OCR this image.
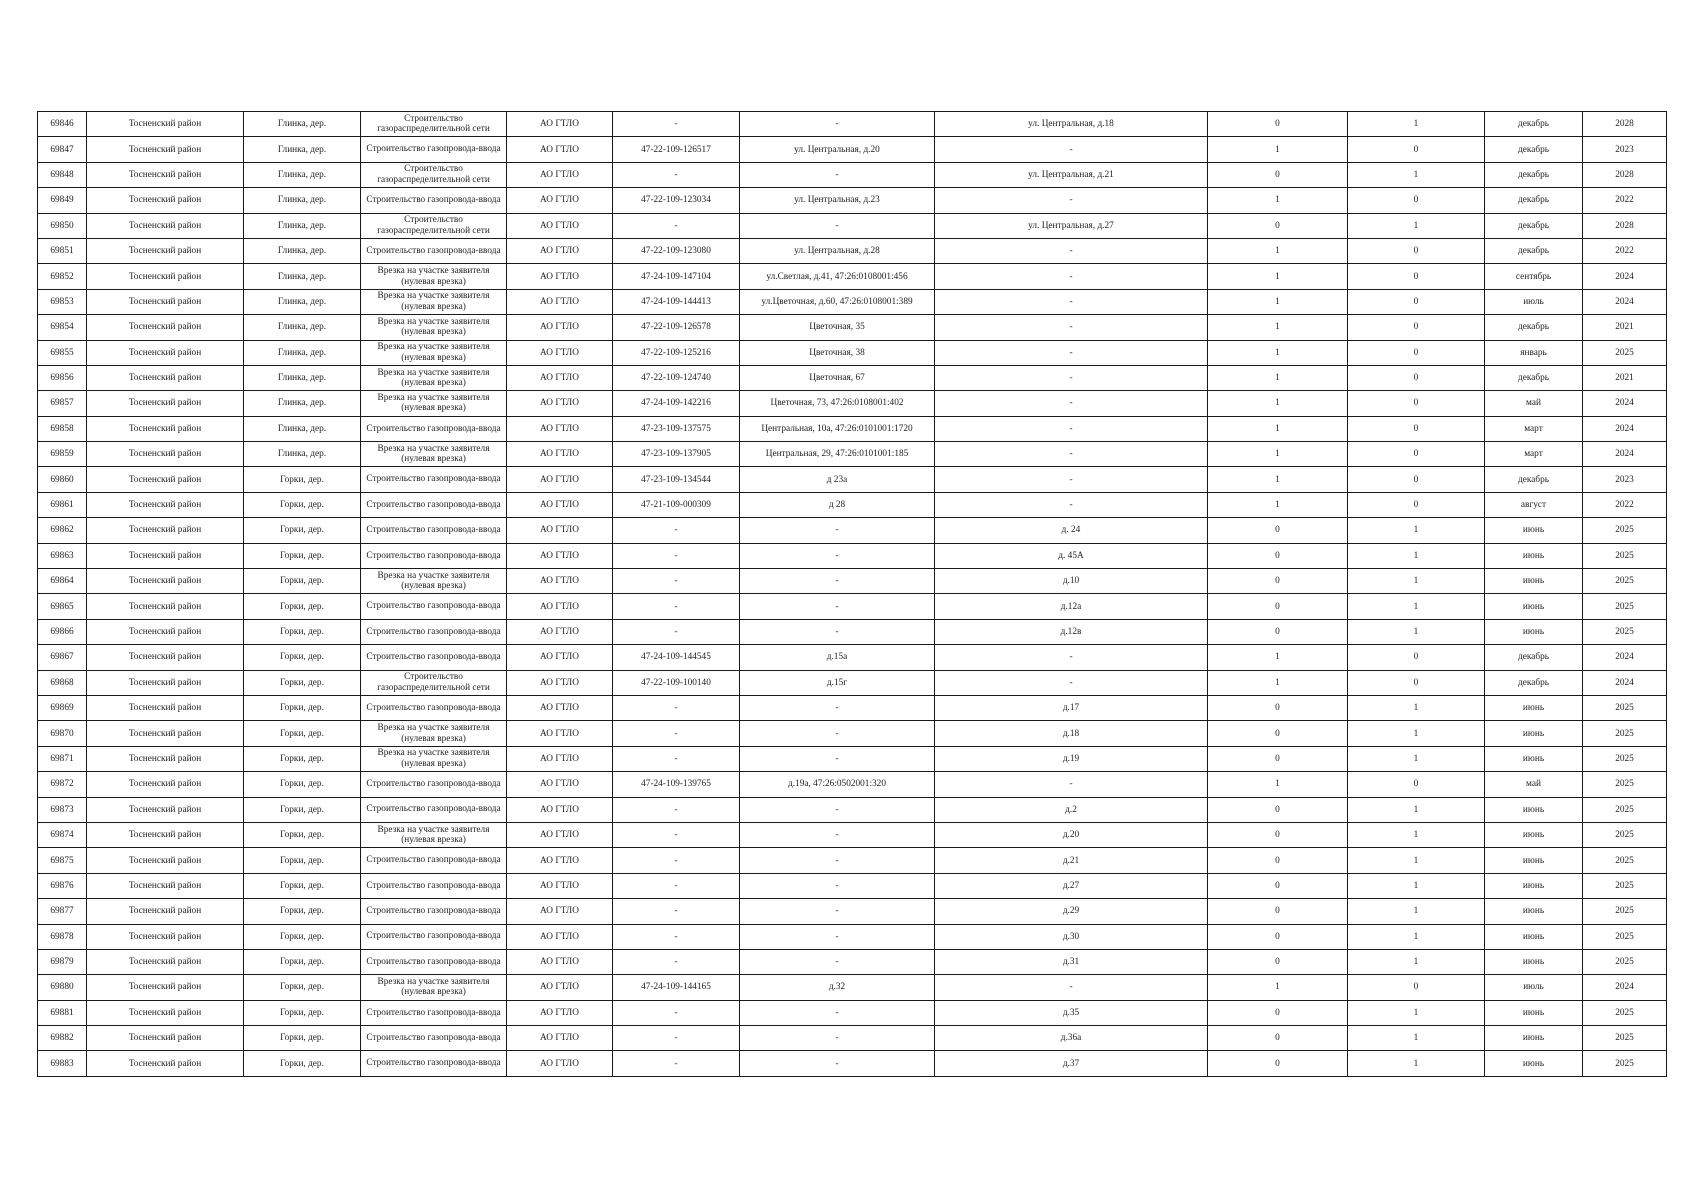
69846	Тосненский район	Глинка, дер.	Строительство газораспределительной сети	АО ГТЛО	-	-	ул. Центральная, д.18	0	1	декабрь	2028
69847	Тосненский район	Глинка, дер.	Строительство газопровода-ввода	АО ГТЛО	47-22-109-126517	ул. Центральная, д.20	-	1	0	декабрь	2023
69848	Тосненский район	Глинка, дер.	Строительство газораспределительной сети	АО ГТЛО	-	-	ул. Центральная, д.21	0	1	декабрь	2028
69849	Тосненский район	Глинка, дер.	Строительство газопровода-ввода	АО ГТЛО	47-22-109-123034	ул. Центральная, д.23	-	1	0	декабрь	2022
69850	Тосненский район	Глинка, дер.	Строительство газораспределительной сети	АО ГТЛО	-	-	ул. Центральная, д.27	0	1	декабрь	2028
69851	Тосненский район	Глинка, дер.	Строительство газопровода-ввода	АО ГТЛО	47-22-109-123080	ул. Центральная, д.28	-	1	0	декабрь	2022
69852	Тосненский район	Глинка, дер.	Врезка на участке заявителя (нулевая врезка)	АО ГТЛО	47-24-109-147104	ул.Светлая, д.41, 47:26:0108001:456	-	1	0	сентябрь	2024
69853	Тосненский район	Глинка, дер.	Врезка на участке заявителя (нулевая врезка)	АО ГТЛО	47-24-109-144413	ул.Цветочная, д.60, 47:26:0108001:389	-	1	0	июль	2024
69854	Тосненский район	Глинка, дер.	Врезка на участке заявителя (нулевая врезка)	АО ГТЛО	47-22-109-126578	Цветочная, 35	-	1	0	декабрь	2021
69855	Тосненский район	Глинка, дер.	Врезка на участке заявителя (нулевая врезка)	АО ГТЛО	47-22-109-125216	Цветочная, 38	-	1	0	январь	2025
69856	Тосненский район	Глинка, дер.	Врезка на участке заявителя (нулевая врезка)	АО ГТЛО	47-22-109-124740	Цветочная, 67	-	1	0	декабрь	2021
69857	Тосненский район	Глинка, дер.	Врезка на участке заявителя (нулевая врезка)	АО ГТЛО	47-24-109-142216	Цветочная, 73, 47:26:0108001:402	-	1	0	май	2024
69858	Тосненский район	Глинка, дер.	Строительство газопровода-ввода	АО ГТЛО	47-23-109-137575	Центральная, 10а, 47:26:0101001:1720	-	1	0	март	2024
69859	Тосненский район	Глинка, дер.	Врезка на участке заявителя (нулевая врезка)	АО ГТЛО	47-23-109-137905	Центральная, 29, 47:26:0101001:185	-	1	0	март	2024
69860	Тосненский район	Горки, дер.	Строительство газопровода-ввода	АО ГТЛО	47-23-109-134544	д 23а	-	1	0	декабрь	2023
69861	Тосненский район	Горки, дер.	Строительство газопровода-ввода	АО ГТЛО	47-21-109-000309	д 28	-	1	0	август	2022
69862	Тосненский район	Горки, дер.	Строительство газопровода-ввода	АО ГТЛО	-	-	д. 24	0	1	июнь	2025
69863	Тосненский район	Горки, дер.	Строительство газопровода-ввода	АО ГТЛО	-	-	д. 45А	0	1	июнь	2025
69864	Тосненский район	Горки, дер.	Врезка на участке заявителя (нулевая врезка)	АО ГТЛО	-	-	д.10	0	1	июнь	2025
69865	Тосненский район	Горки, дер.	Строительство газопровода-ввода	АО ГТЛО	-	-	д.12а	0	1	июнь	2025
69866	Тосненский район	Горки, дер.	Строительство газопровода-ввода	АО ГТЛО	-	-	д.12в	0	1	июнь	2025
69867	Тосненский район	Горки, дер.	Строительство газопровода-ввода	АО ГТЛО	47-24-109-144545	д.15а	-	1	0	декабрь	2024
69868	Тосненский район	Горки, дер.	Строительство газораспределительной сети	АО ГТЛО	47-22-109-100140	д.15г	-	1	0	декабрь	2024
69869	Тосненский район	Горки, дер.	Строительство газопровода-ввода	АО ГТЛО	-	-	д.17	0	1	июнь	2025
69870	Тосненский район	Горки, дер.	Врезка на участке заявителя (нулевая врезка)	АО ГТЛО	-	-	д.18	0	1	июнь	2025
69871	Тосненский район	Горки, дер.	Врезка на участке заявителя (нулевая врезка)	АО ГТЛО	-	-	д.19	0	1	июнь	2025
69872	Тосненский район	Горки, дер.	Строительство газопровода-ввода	АО ГТЛО	47-24-109-139765	д.19а, 47:26:0502001:320	-	1	0	май	2025
69873	Тосненский район	Горки, дер.	Строительство газопровода-ввода	АО ГТЛО	-	-	д.2	0	1	июнь	2025
69874	Тосненский район	Горки, дер.	Врезка на участке заявителя (нулевая врезка)	АО ГТЛО	-	-	д.20	0	1	июнь	2025
69875	Тосненский район	Горки, дер.	Строительство газопровода-ввода	АО ГТЛО	-	-	д.21	0	1	июнь	2025
69876	Тосненский район	Горки, дер.	Строительство газопровода-ввода	АО ГТЛО	-	-	д.27	0	1	июнь	2025
69877	Тосненский район	Горки, дер.	Строительство газопровода-ввода	АО ГТЛО	-	-	д.29	0	1	июнь	2025
69878	Тосненский район	Горки, дер.	Строительство газопровода-ввода	АО ГТЛО	-	-	д.30	0	1	июнь	2025
69879	Тосненский район	Горки, дер.	Строительство газопровода-ввода	АО ГТЛО	-	-	д.31	0	1	июнь	2025
69880	Тосненский район	Горки, дер.	Врезка на участке заявителя (нулевая врезка)	АО ГТЛО	47-24-109-144165	д.32	-	1	0	июль	2024
69881	Тосненский район	Горки, дер.	Строительство газопровода-ввода	АО ГТЛО	-	-	д.35	0	1	июнь	2025
69882	Тосненский район	Горки, дер.	Строительство газопровода-ввода	АО ГТЛО	-	-	д.36а	0	1	июнь	2025
69883	Тосненский район	Горки, дер.	Строительство газопровода-ввода	АО ГТЛО	-	-	д.37	0	1	июнь	2025
